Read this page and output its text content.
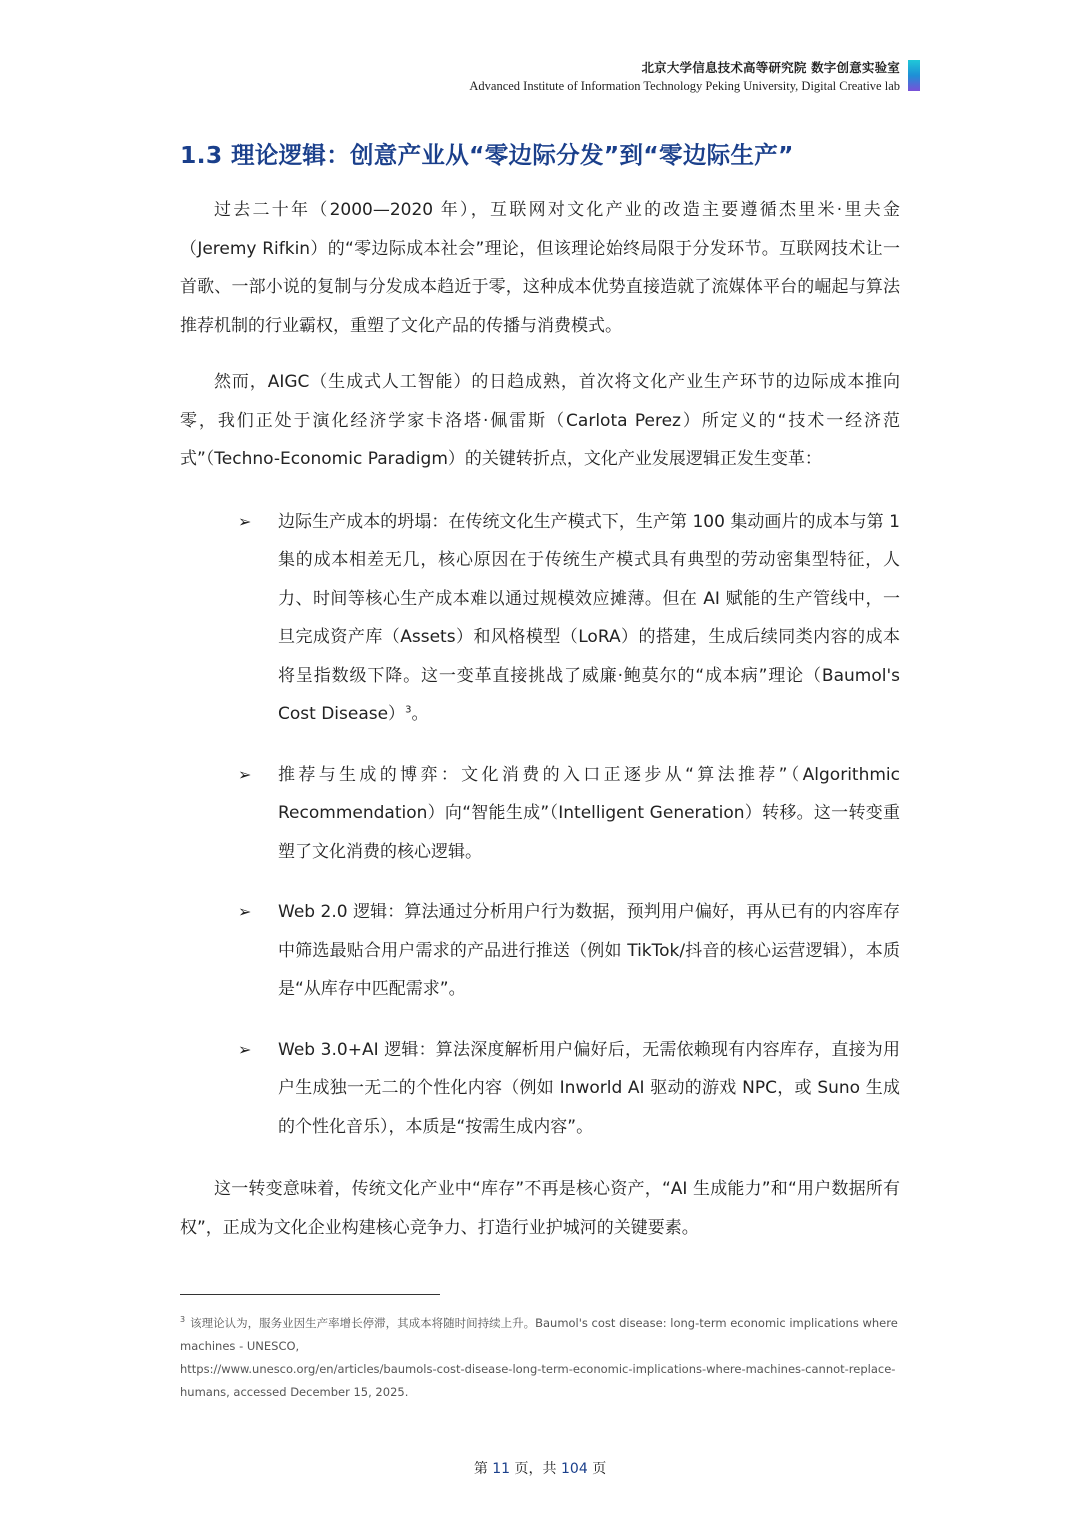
北京大学信息技术高等研究院 数字创意实验室
Advanced Institute of Information Technology Peking University, Digital Creative lab
1.3 理论逻辑：创意产业从“零边际分发”到“零边际生产”

过去二十年（2000—2020 年），互联网对文化产业的改造主要遵循杰里米·里夫金（Jeremy Rifkin）的“零边际成本社会”理论，但该理论始终局限于分发环节。互联网技术让一首歌、一部小说的复制与分发成本趋近于零，这种成本优势直接造就了流媒体平台的崛起与算法推荐机制的行业霸权，重塑了文化产品的传播与消费模式。

然而，AIGC（生成式人工智能）的日趋成熟，首次将文化产业生产环节的边际成本推向零，我们正处于演化经济学家卡洛塔·佩雷斯（Carlota Perez）所定义的“技术一经济范式”（Techno-Economic Paradigm）的关键转折点，文化产业发展逻辑正发生变革：

➢ 边际生产成本的坍塌：在传统文化生产模式下，生产第 100 集动画片的成本与第 1 集的成本相差无几，核心原因在于传统生产模式具有典型的劳动密集型特征，人力、时间等核心生产成本难以通过规模效应摊薄。但在 AI 赋能的生产管线中，一旦完成资产库（Assets）和风格模型（LoRA）的搭建，生成后续同类内容的成本将呈指数级下降。这一变革直接挑战了威廉·鲍莫尔的“成本病”理论（Baumol's Cost Disease）$^3$。
➢ 推荐与生成的博弈：文化消费的入口正逐步从“算法推荐”（Algorithmic Recommendation）向“智能生成”（Intelligent Generation）转移。这一转变重塑了文化消费的核心逻辑。
➢ Web 2.0 逻辑：算法通过分析用户行为数据，预判用户偏好，再从已有的内容库存中筛选最贴合用户需求的产品进行推送（例如 TikTok/抖音的核心运营逻辑），本质是“从库存中匹配需求”。
➢ Web 3.0+AI 逻辑：算法深度解析用户偏好后，无需依赖现有内容库存，直接为用户生成独一无二的个性化内容（例如 Inworld AI 驱动的游戏 NPC，或 Suno 生成的个性化音乐），本质是“按需生成内容”。

这一转变意味着，传统文化产业中“库存”不再是核心资产，“AI 生成能力”和“用户数据所有权”，正成为文化企业构建核心竞争力、打造行业护城河的关键要素。

$^3$ 该理论认为，服务业因生产率增长停滞，其成本将随时间持续上升。Baumol's cost disease: long-term economic implications where machines - UNESCO,
https://www.unesco.org/en/articles/baumols-cost-disease-long-term-economic-implications-where-machines-cannot-replace-humans, accessed December 15, 2025.
第 11 页，共 104 页
